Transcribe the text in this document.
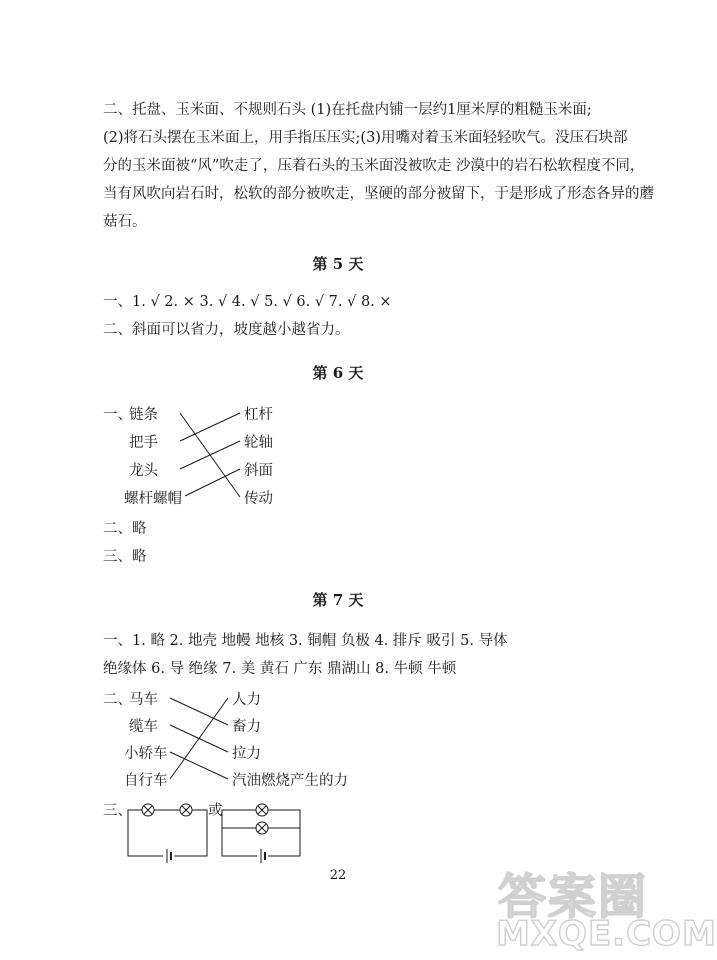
二、托盘、玉米面、不规则石头 (1)在托盘内铺一层约1厘米厚的粗糙玉米面;
(2)将石头摆在玉米面上，用手指压压实;(3)用嘴对着玉米面轻轻吹气。没压石块部
分的玉米面被“风”吹走了，压着石头的玉米面没被吹走 沙漠中的岩石松软程度不同，
当有风吹向岩石时，松软的部分被吹走，坚硬的部分被留下，于是形成了形态各异的蘑
菇石。
第 5 天
一、1. √ 2. × 3. √ 4. √ 5. √ 6. √ 7. √ 8. ×
二、斜面可以省力，坡度越小越省力。
第 6 天
一、
链条
把手
龙头
螺杆螺帽
杠杆
轮轴
斜面
传动
二、略
三、略
第 7 天
一、1. 略 2. 地壳 地幔 地核 3. 铜帽 负极 4. 排斥 吸引 5. 导体
绝缘体 6. 导 绝缘 7. 美 黄石 广东 鼎湖山 8. 牛顿 牛顿
二、
马车
缆车
小轿车
自行车
人力
畜力
拉力
汽油燃烧产生的力
三、	或
22	答案圈
MXQE.COM
